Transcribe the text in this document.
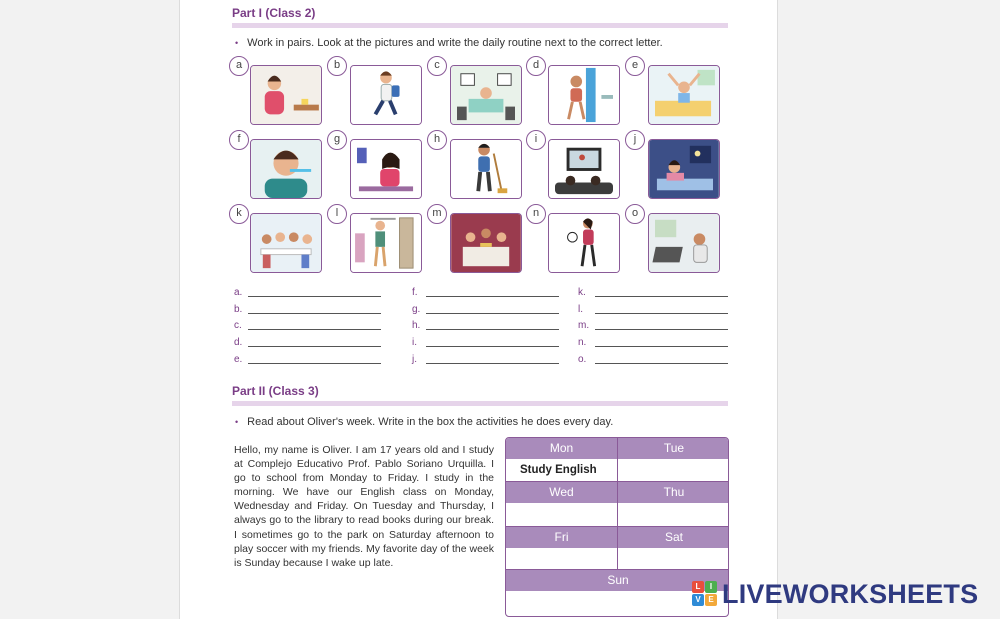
Part I (Class 2)
• Work in pairs. Look at the pictures and write the daily routine next to the correct letter.
a	b	c	d	e
f	g	h	i	j
k	l	m	n	o
a.
b.
c.
d.
e.
f.
g.
h.
i.
j.
k.
l.
m.
n.
o.
Part II (Class 3)
• Read about Oliver's week. Write in the box the activities he does every day.
Hello, my name is Oliver. I am 17 years old and I study at Complejo Educativo Prof. Pablo Soriano Urquilla. I go to school from Monday to Friday. I study in the morning. We have our English class on Monday, Wednesday and Friday. On Tuesday and Thursday, I always go to the library to read books during our break. I sometimes go to the park on Saturday afternoon to play soccer with my friends. My favorite day of the week is Sunday because I wake up late.
Mon	Tue
Study English
Wed	Thu
Fri	Sat
Sun	L	I
V E LIVEWORKSHEETS
